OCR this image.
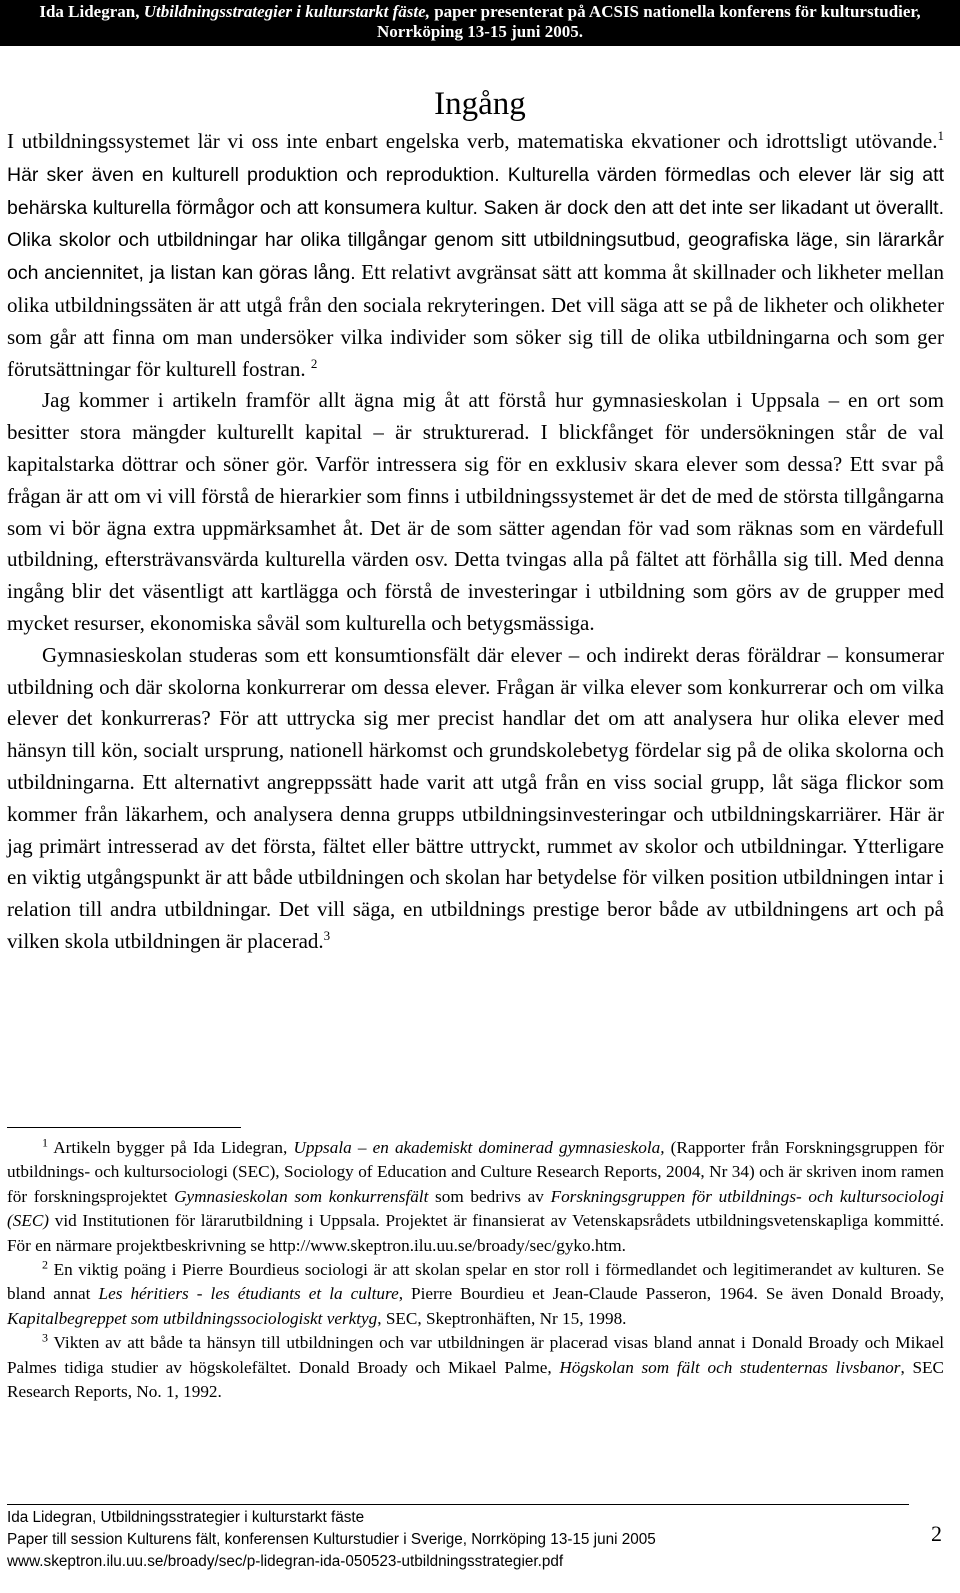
Ida Lidegran, Utbildningsstrategier i kulturstarkt fäste, paper presenterat på ACSIS nationella konferens för kulturstudier,
Norrköping 13-15 juni 2005.
Ingång

I utbildningssystemet lär vi oss inte enbart engelska verb, matematiska ekvationer och idrottsligt utövande.$^1$ Här sker även en kulturell produktion och reproduktion. Kulturella värden förmedlas och elever lär sig att behärska kulturella förmågor och att konsumera kultur. Saken är dock den att det inte ser likadant ut överallt. Olika skolor och utbildningar har olika tillgångar genom sitt utbildningsutbud, geografiska läge, sin lärarkår och anciennitet, ja listan kan göras lång. Ett relativt avgränsat sätt att komma åt skillnader och likheter mellan olika utbildningssäten är att utgå från den sociala rekryteringen. Det vill säga att se på de likheter och olikheter som går att finna om man undersöker vilka individer som söker sig till de olika utbildningarna och som ger förutsättningar för kulturell fostran. $^2$

Jag kommer i artikeln framför allt ägna mig åt att förstå hur gymnasieskolan i Uppsala – en ort som besitter stora mängder kulturellt kapital – är strukturerad. I blickfånget för undersökningen står de val kapitalstarka döttrar och söner gör. Varför intressera sig för en exklusiv skara elever som dessa? Ett svar på frågan är att om vi vill förstå de hierarkier som finns i utbildningssystemet är det de med de största tillgångarna som vi bör ägna extra uppmärksamhet åt. Det är de som sätter agendan för vad som räknas som en värdefull utbildning, eftersträvansvärda kulturella värden osv. Detta tvingas alla på fältet att förhålla sig till. Med denna ingång blir det väsentligt att kartlägga och förstå de investeringar i utbildning som görs av de grupper med mycket resurser, ekonomiska såväl som kulturella och betygsmässiga.

Gymnasieskolan studeras som ett konsumtionsfält där elever – och indirekt deras föräldrar – konsumerar utbildning och där skolorna konkurrerar om dessa elever. Frågan är vilka elever som konkurrerar och om vilka elever det konkurreras? För att uttrycka sig mer precist handlar det om att analysera hur olika elever med hänsyn till kön, socialt ursprung, nationell härkomst och grundskolebetyg fördelar sig på de olika skolorna och utbildningarna. Ett alternativt angreppssätt hade varit att utgå från en viss social grupp, låt säga flickor som kommer från läkarhem, och analysera denna grupps utbildningsinvesteringar och utbildningskarriärer. Här är jag primärt intresserad av det första, fältet eller bättre uttryckt, rummet av skolor och utbildningar. Ytterligare en viktig utgångspunkt är att både utbildningen och skolan har betydelse för vilken position utbildningen intar i relation till andra utbildningar. Det vill säga, en utbildnings prestige beror både av utbildningens art och på vilken skola utbildningen är placerad.$^3$

$^1$ Artikeln bygger på Ida Lidegran, Uppsala – en akademiskt dominerad gymnasieskola, (Rapporter från Forskningsgruppen för utbildnings- och kultursociologi (SEC), Sociology of Education and Culture Research Reports, 2004, Nr 34) och är skriven inom ramen för forskningsprojektet Gymnasieskolan som konkurrensfält som bedrivs av Forskningsgruppen för utbildnings- och kultursociologi (SEC) vid Institutionen för lärarutbildning i Uppsala. Projektet är finansierat av Vetenskapsrådets utbildningsvetenskapliga kommitté. För en närmare projektbeskrivning se http://www.skeptron.ilu.uu.se/broady/sec/gyko.htm.

$^2$ En viktig poäng i Pierre Bourdieus sociologi är att skolan spelar en stor roll i förmedlandet och legitimerandet av kulturen. Se bland annat Les héritiers - les étudiants et la culture, Pierre Bourdieu et Jean-Claude Passeron, 1964. Se även Donald Broady, Kapitalbegreppet som utbildningssociologiskt verktyg, SEC, Skeptronhäften, Nr 15, 1998.

$^3$ Vikten av att både ta hänsyn till utbildningen och var utbildningen är placerad visas bland annat i Donald Broady och Mikael Palmes tidiga studier av högskolefältet. Donald Broady och Mikael Palme, Högskolan som fält och studenternas livsbanor, SEC Research Reports, No. 1, 1992.

Ida Lidegran, Utbildningsstrategier i kulturstarkt fäste
Paper till session Kulturens fält, konferensen Kulturstudier i Sverige, Norrköping 13-15 juni 2005
www.skeptron.ilu.uu.se/broady/sec/p-lidegran-ida-050523-utbildningsstrategier.pdf
2
